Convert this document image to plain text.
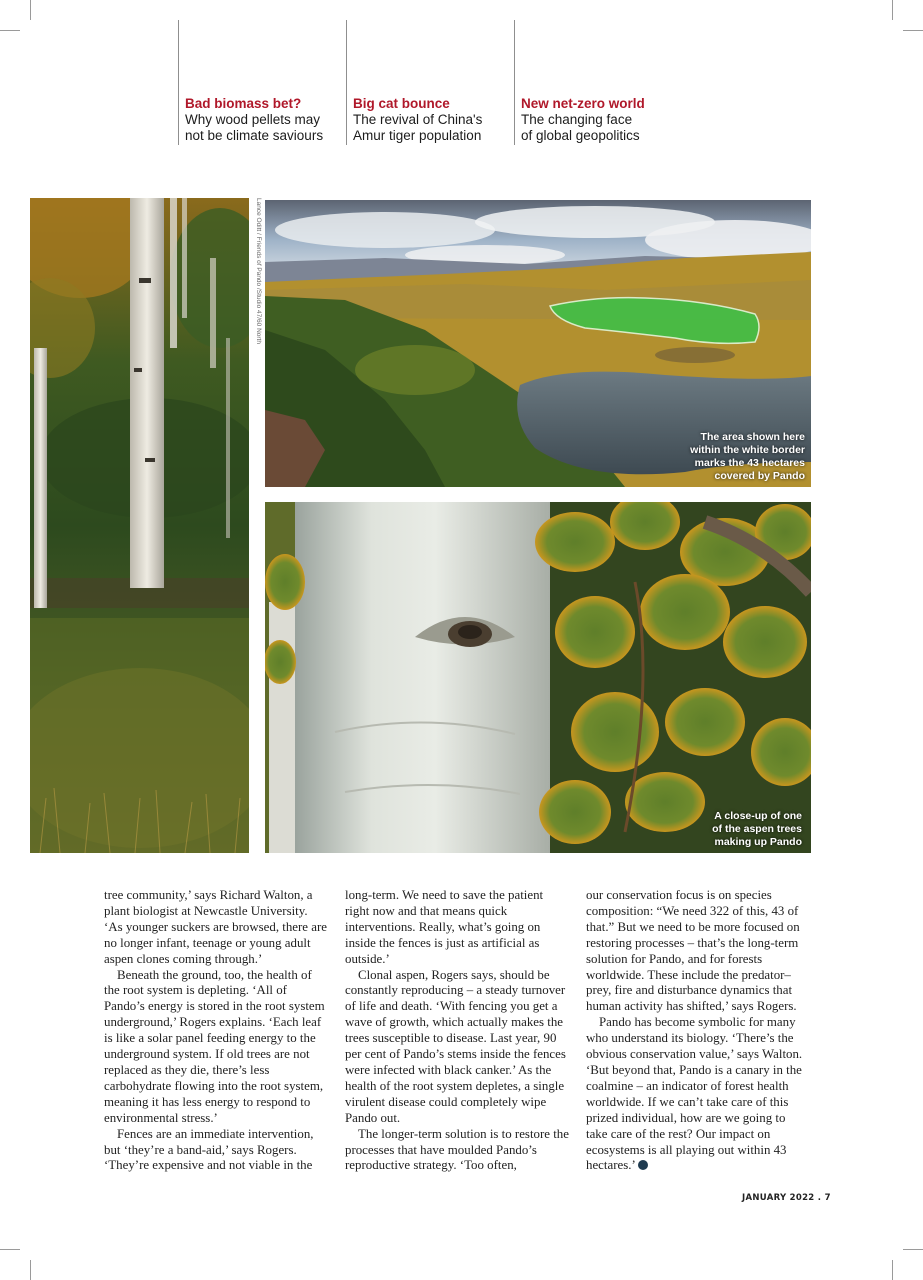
Bad biomass bet?
Why wood pellets may
not be climate saviours
Big cat bounce
The revival of China's
Amur tiger population
New net-zero world
The changing face
of global geopolitics
Lance Oditt / Friends of Pando /Studio 47/60 North
The area shown here
within the white border
marks the 43 hectares
covered by Pando
A close-up of one
of the aspen trees
making up Pando

tree community,’ says Richard Walton, a plant biologist at Newcastle University. ‘As younger suckers are browsed, there are no longer infant, teenage or young adult aspen clones coming through.’

Beneath the ground, too, the health of the root system is depleting. ‘All of Pando’s energy is stored in the root system underground,’ Rogers explains. ‘Each leaf is like a solar panel feeding energy to the underground system. If old trees are not replaced as they die, there’s less carbohydrate flowing into the root system, meaning it has less energy to respond to environmental stress.’

Fences are an immediate intervention, but ‘they’re a band-aid,’ says Rogers. ‘They’re expensive and not viable in the

long-term. We need to save the patient right now and that means quick interventions. Really, what’s going on inside the fences is just as artificial as outside.’

Clonal aspen, Rogers says, should be constantly reproducing – a steady turnover of life and death. ‘With fencing you get a wave of growth, which actually makes the trees susceptible to disease. Last year, 90 per cent of Pando’s stems inside the fences were infected with black canker.’ As the health of the root system depletes, a single virulent disease could completely wipe Pando out.

The longer-term solution is to restore the processes that have moulded Pando’s reproductive strategy. ‘Too often,

our conservation focus is on species composition: “We need 322 of this, 43 of that.” But we need to be more focused on restoring processes – that’s the long-term solution for Pando, and for forests worldwide. These include the predator–prey, fire and disturbance dynamics that human activity has shifted,’ says Rogers.

Pando has become symbolic for many who understand its biology. ‘There’s the obvious conservation value,’ says Walton. ‘But beyond that, Pando is a canary in the coalmine – an indicator of forest health worldwide. If we can’t take care of this prized individual, how are we going to take care of the rest? Our impact on ecosystems is all playing out within 43 hectares.’

JANUARY 2022 . 7
